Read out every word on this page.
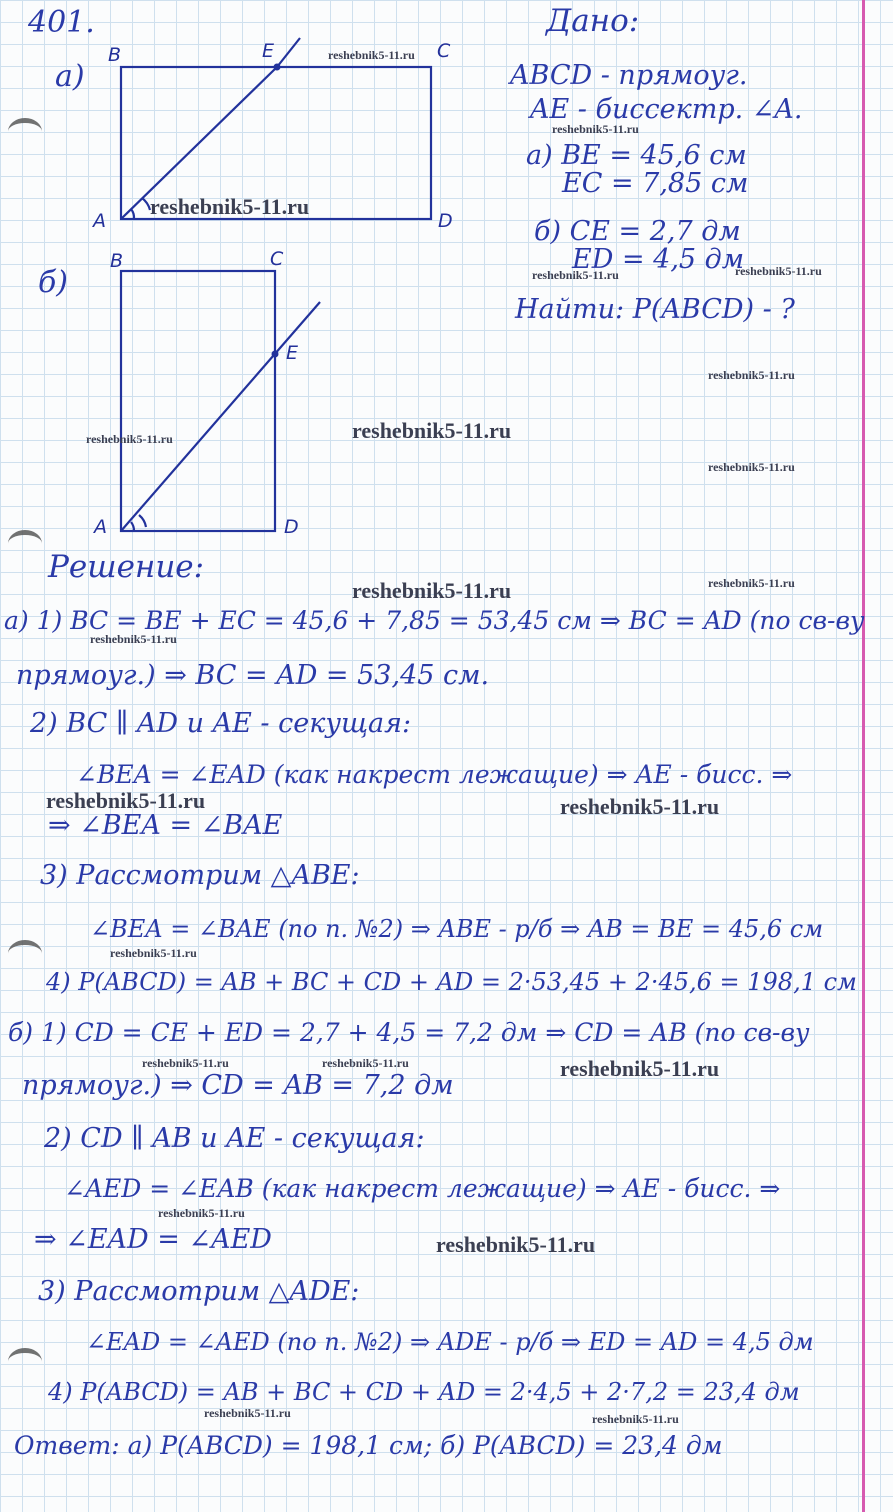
401.
а)
б)
B	C
E
A	D
B	C
E
A	D
Дано:
ABCD - прямоуг.
AE - биссектр. ∠A.
а) BE = 45,6 см
EC = 7,85 см
б) CE = 2,7 дм
ED = 4,5 дм
Найти: P(ABCD) - ?
Решение:
а) 1) BC = BE + EC = 45,6 + 7,85 = 53,45 см ⇒ BC = AD (по св-ву
прямоуг.) ⇒ BC = AD = 53,45 см.
2) BC ∥ AD и AE - секущая:
∠BEA = ∠EAD (как накрест лежащие) ⇒ AE - бисс. ⇒
⇒ ∠BEA = ∠BAE
3) Рассмотрим △ABE:
∠BEA = ∠BAE (по п. №2) ⇒ ABE - р/б ⇒ AB = BE = 45,6 см
4) P(ABCD) = AB + BC + CD + AD = 2·53,45 + 2·45,6 = 198,1 см
б) 1) CD = CE + ED = 2,7 + 4,5 = 7,2 дм ⇒ CD = AB (по св-ву
прямоуг.) ⇒ CD = AB = 7,2 дм
2) CD ∥ AB и AE - секущая:
∠AED = ∠EAB (как накрест лежащие) ⇒ AE - бисс. ⇒
⇒ ∠EAD = ∠AED
3) Рассмотрим △ADE:
∠EAD = ∠AED (по п. №2) ⇒ ADE - р/б ⇒ ED = AD = 4,5 дм
4) P(ABCD) = AB + BC + CD + AD = 2·4,5 + 2·7,2 = 23,4 дм
Ответ: а) P(ABCD) = 198,1 см; б) P(ABCD) = 23,4 дм
reshebnik5-11.ru
reshebnik5-11.ru
reshebnik5-11.ru
reshebnik5-11.ru	reshebnik5-11.ru
reshebnik5-11.ru
reshebnik5-11.ru
reshebnik5-11.ru
reshebnik5-11.ru
reshebnik5-11.ru	reshebnik5-11.ru
reshebnik5-11.ru
reshebnik5-11.ru	reshebnik5-11.ru
reshebnik5-11.ru
reshebnik5-11.ru	reshebnik5-11.ru	reshebnik5-11.ru
reshebnik5-11.ru
reshebnik5-11.ru
reshebnik5-11.ru	reshebnik5-11.ru
